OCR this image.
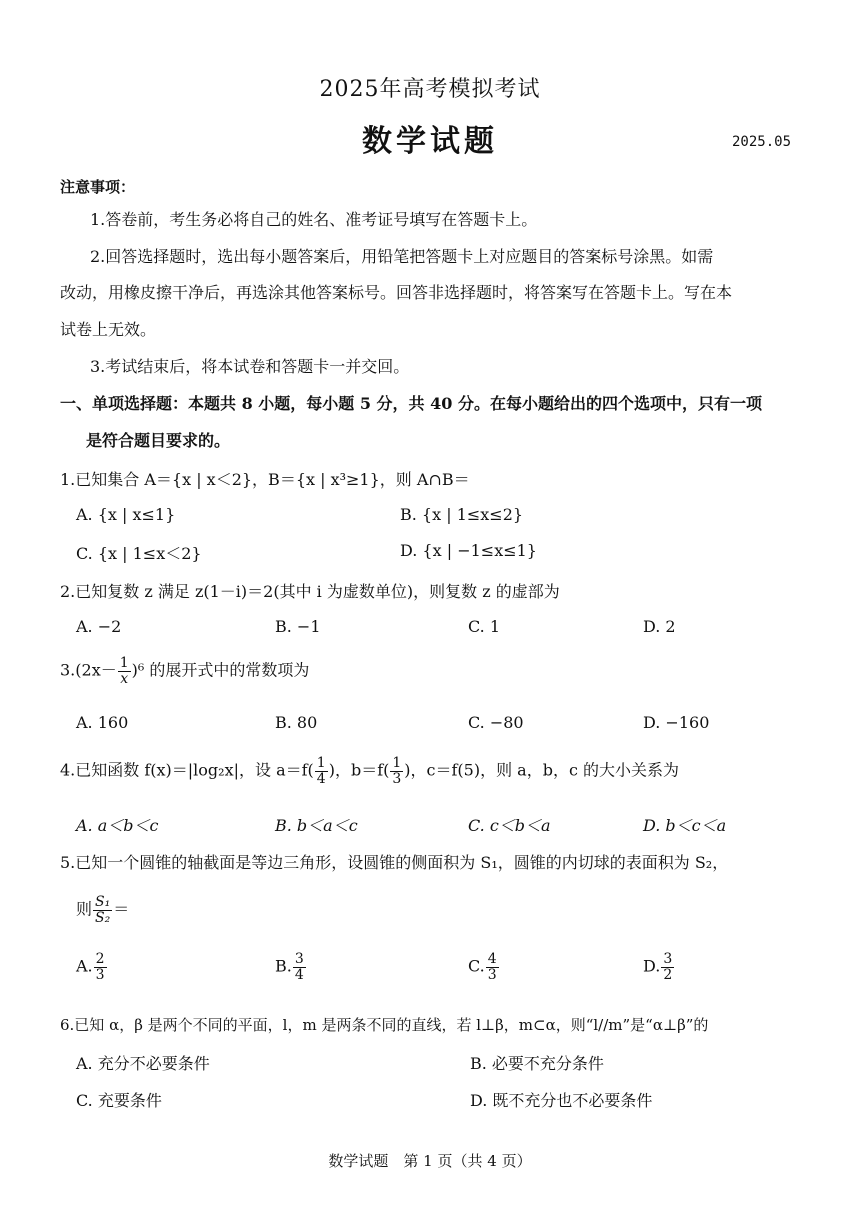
2025年高考模拟考试
数学试题	2025.05
注意事项：
1.答卷前，考生务必将自己的姓名、准考证号填写在答题卡上。
2.回答选择题时，选出每小题答案后，用铅笔把答题卡上对应题目的答案标号涂黑。如需
改动，用橡皮擦干净后，再选涂其他答案标号。回答非选择题时，将答案写在答题卡上。写在本
试卷上无效。
3.考试结束后，将本试卷和答题卡一并交回。
一、单项选择题：本题共 8 小题，每小题 5 分，共 40 分。在每小题给出的四个选项中，只有一项
是符合题目要求的。
1.已知集合 A＝{x | x＜2}，B＝{x | x³≥1}，则 A∩B＝
A. {x | x≤1}	B. {x | 1≤x≤2}
C. {x | 1≤x＜2}	D. {x | −1≤x≤1}
2.已知复数 z 满足 z(1－i)＝2(其中 i 为虚数单位)，则复数 z 的虚部为
A. −2	B. −1	C. 1	D. 2
$3.(2x- \frac{1}{x} )^6$ 的展开式中的常数项为
A. 160	B. 80	C. −80	D. −160
4.已知函数 f(x)＝|log₂x|，设 $a=f( \frac{1}{4}$ )，$b=f( \frac{1}{3}$ )，c＝f(5)，则 a，b，c 的大小关系为
A. a＜b＜c	B. b＜a＜c	C. c＜b＜a	D. b＜c＜a
5.已知一个圆锥的轴截面是等边三角形，设圆锥的侧面积为 S₁，圆锥的内切球的表面积为 S₂，
则 $\frac{\text{S₁}}{\text{S₂}}$ ＝
A. $\frac{2}{3}$	B. $\frac{3}{4}$	C. $\frac{4}{3}$	D. $\frac{3}{2}$
6.已知 α，β 是两个不同的平面，l，m 是两条不同的直线，若 l⊥β，m⊂α，则“l//m”是“α⊥β”的
A. 充分不必要条件	B. 必要不充分条件
C. 充要条件	D. 既不充分也不必要条件
数学试题　第 1 页（共 4 页）
